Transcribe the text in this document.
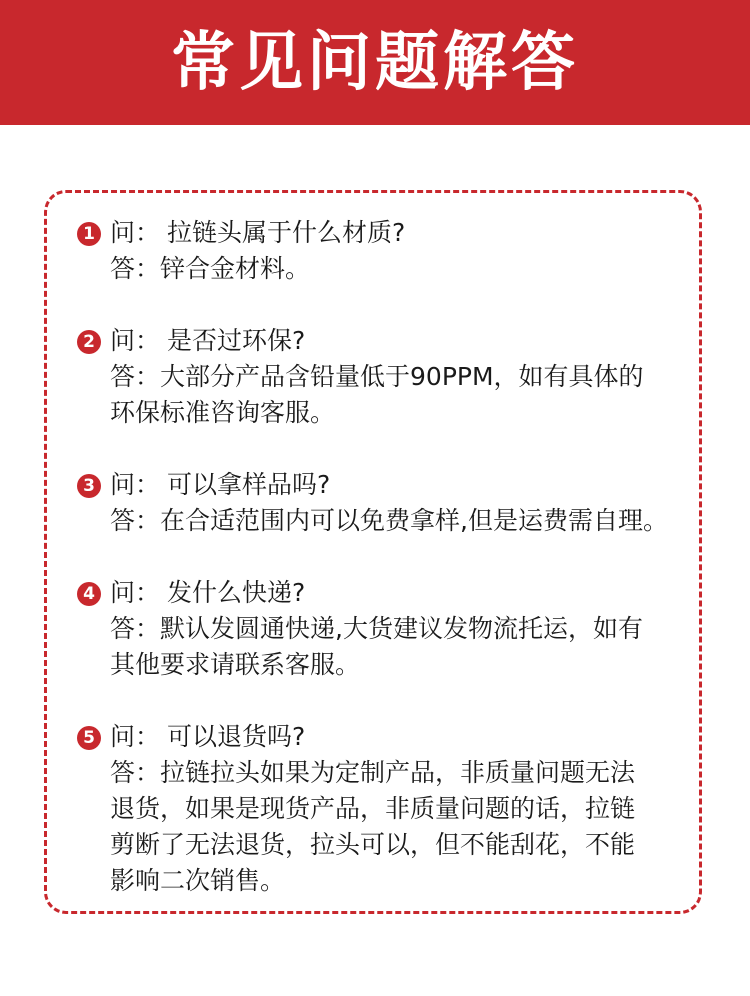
常见问题解答
1 问： 拉链头属于什么材质?
答：锌合金材料。
2 问： 是否过环保?
答：大部分产品含铅量低于90PPM，如有具体的
环保标准咨询客服。
3 问： 可以拿样品吗?
答：在合适范围内可以免费拿样,但是运费需自理。
4 问： 发什么快递?
答：默认发圆通快递,大货建议发物流托运，如有
其他要求请联系客服。
5 问： 可以退货吗?
答：拉链拉头如果为定制产品，非质量问题无法
退货，如果是现货产品，非质量问题的话，拉链
剪断了无法退货，拉头可以，但不能刮花，不能
影响二次销售。
